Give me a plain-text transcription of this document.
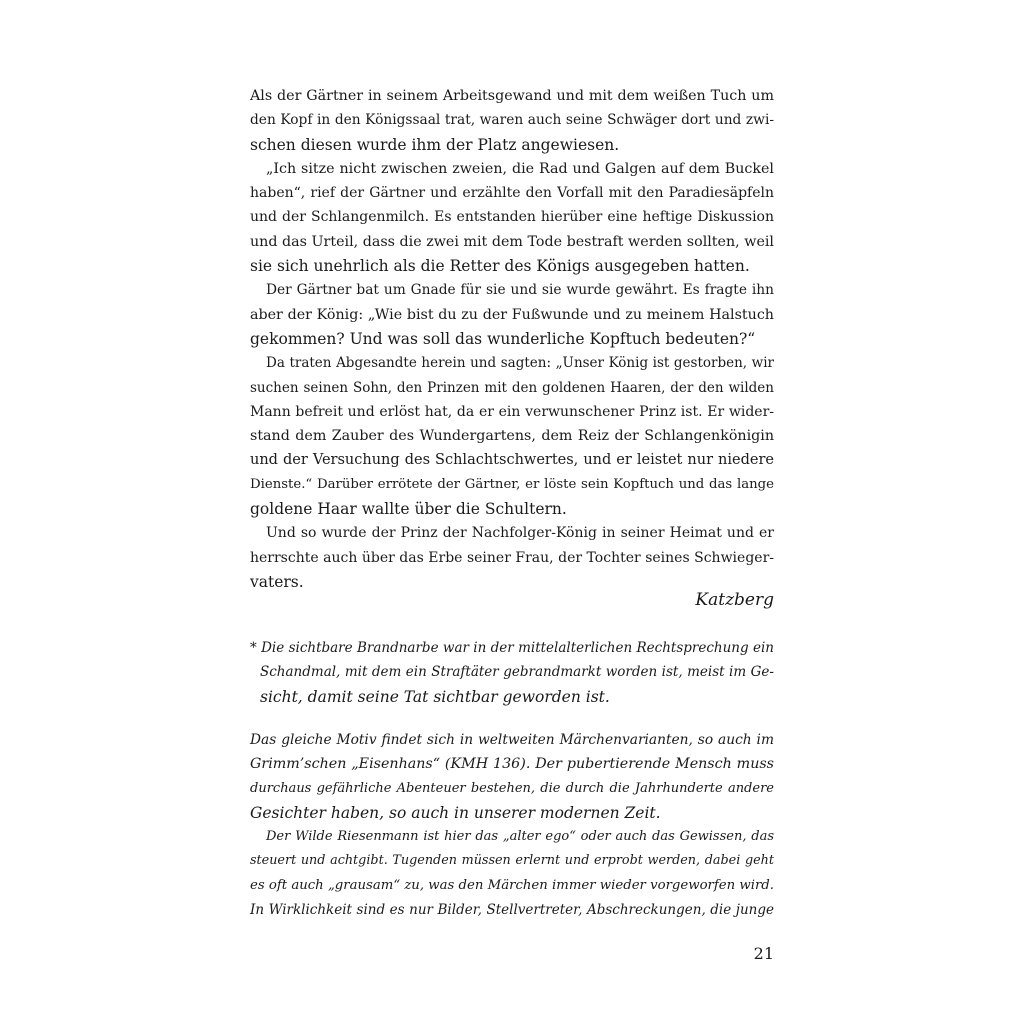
Als der Gärtner in seinem Arbeitsgewand und mit dem weißen Tuch um
den Kopf in den Königssaal trat, waren auch seine Schwäger dort und zwi-
schen diesen wurde ihm der Platz angewiesen.
„Ich sitze nicht zwischen zweien, die Rad und Galgen auf dem Buckel
haben“, rief der Gärtner und erzählte den Vorfall mit den Paradiesäpfeln
und der Schlangenmilch. Es entstanden hierüber eine heftige Diskussion
und das Urteil, dass die zwei mit dem Tode bestraft werden sollten, weil
sie sich unehrlich als die Retter des Königs ausgegeben hatten.
Der Gärtner bat um Gnade für sie und sie wurde gewährt. Es fragte ihn
aber der König: „Wie bist du zu der Fußwunde und zu meinem Halstuch
gekommen? Und was soll das wunderliche Kopftuch bedeuten?“
Da traten Abgesandte herein und sagten: „Unser König ist gestorben, wir
suchen seinen Sohn, den Prinzen mit den goldenen Haaren, der den wilden
Mann befreit und erlöst hat, da er ein verwunschener Prinz ist. Er wider-
stand dem Zauber des Wundergartens, dem Reiz der Schlangenkönigin
und der Versuchung des Schlachtschwertes, und er leistet nur niedere
Dienste.“ Darüber errötete der Gärtner, er löste sein Kopftuch und das lange
goldene Haar wallte über die Schultern.
Und so wurde der Prinz der Nachfolger-König in seiner Heimat und er
herrschte auch über das Erbe seiner Frau, der Tochter seines Schwieger-
vaters.
Katzberg
* Die sichtbare Brandnarbe war in der mittelalterlichen Rechtsprechung ein
Schandmal, mit dem ein Straftäter gebrandmarkt worden ist, meist im Ge-
sicht, damit seine Tat sichtbar geworden ist.
Das gleiche Motiv findet sich in weltweiten Märchenvarianten, so auch im
Grimm’schen „Eisenhans“ (KMH 136). Der pubertierende Mensch muss
durchaus gefährliche Abenteuer bestehen, die durch die Jahrhunderte andere
Gesichter haben, so auch in unserer modernen Zeit.
Der Wilde Riesenmann ist hier das „alter ego“ oder auch das Gewissen, das
steuert und achtgibt. Tugenden müssen erlernt und erprobt werden, dabei geht
es oft auch „grausam“ zu, was den Märchen immer wieder vorgeworfen wird.
In Wirklichkeit sind es nur Bilder, Stellvertreter, Abschreckungen, die junge
21
